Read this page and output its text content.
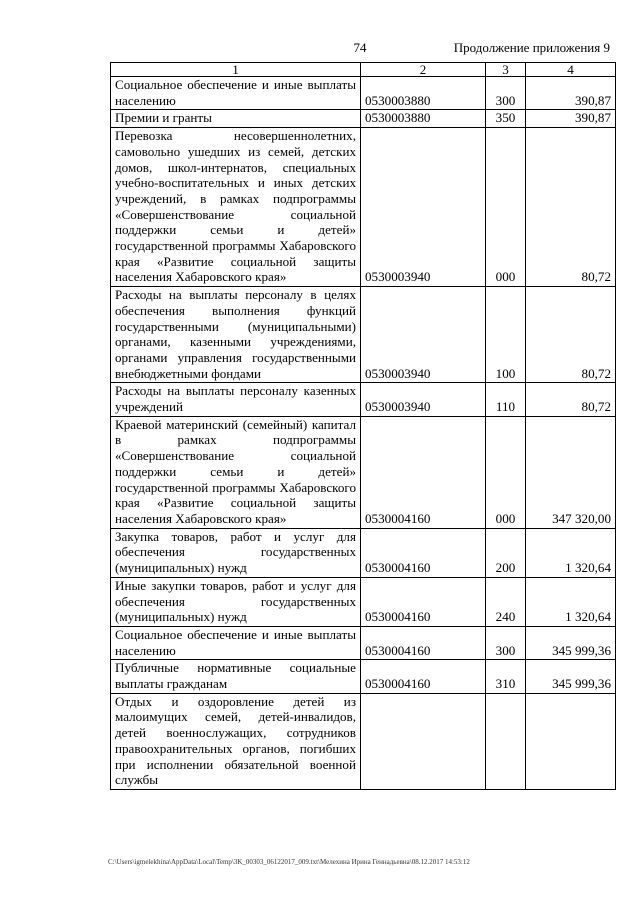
74	Продолжение приложения 9
1	2	3	4
Социальное обеспечение и иные выплаты населению	0530003880	300	390,87
Премии и гранты	0530003880	350	390,87
Перевозка несовершеннолетних, самовольно ушедших из семей, детских домов, школ-интернатов, специальных учебно-воспитательных и иных детских учреждений, в рамках подпрограммы «Совершенствование социальной поддержки семьи и детей» государственной программы Хабаровского края «Развитие социальной защиты населения Хабаровского края»	0530003940	000	80,72
Расходы на выплаты персоналу в целях обеспечения выполнения функций государственными (муниципальными) органами, казенными учреждениями, органами управления государственными внебюджетными фондами	0530003940	100	80,72
Расходы на выплаты персоналу казенных учреждений	0530003940	110	80,72
Краевой материнский (семейный) капитал в рамках подпрограммы «Совершенствование социальной поддержки семьи и детей» государственной программы Хабаровского края «Развитие социальной защиты населения Хабаровского края»	0530004160	000	347 320,00
Закупка товаров, работ и услуг для обеспечения государственных (муниципальных) нужд	0530004160	200	1 320,64
Иные закупки товаров, работ и услуг для обеспечения государственных (муниципальных) нужд	0530004160	240	1 320,64
Социальное обеспечение и иные выплаты населению	0530004160	300	345 999,36
Публичные нормативные социальные выплаты гражданам	0530004160	310	345 999,36
Отдых и оздоровление детей из малоимущих семей, детей-инвалидов, детей военнослужащих, сотрудников правоохранительных органов, погибших при исполнении обязательной военной службы			
C:\Users\igmelekhina\AppData\Local\Temp\3K_00303_06122017_009.txt\Мелехина Ирина Геннадьевна\08.12.2017 14:53:12
